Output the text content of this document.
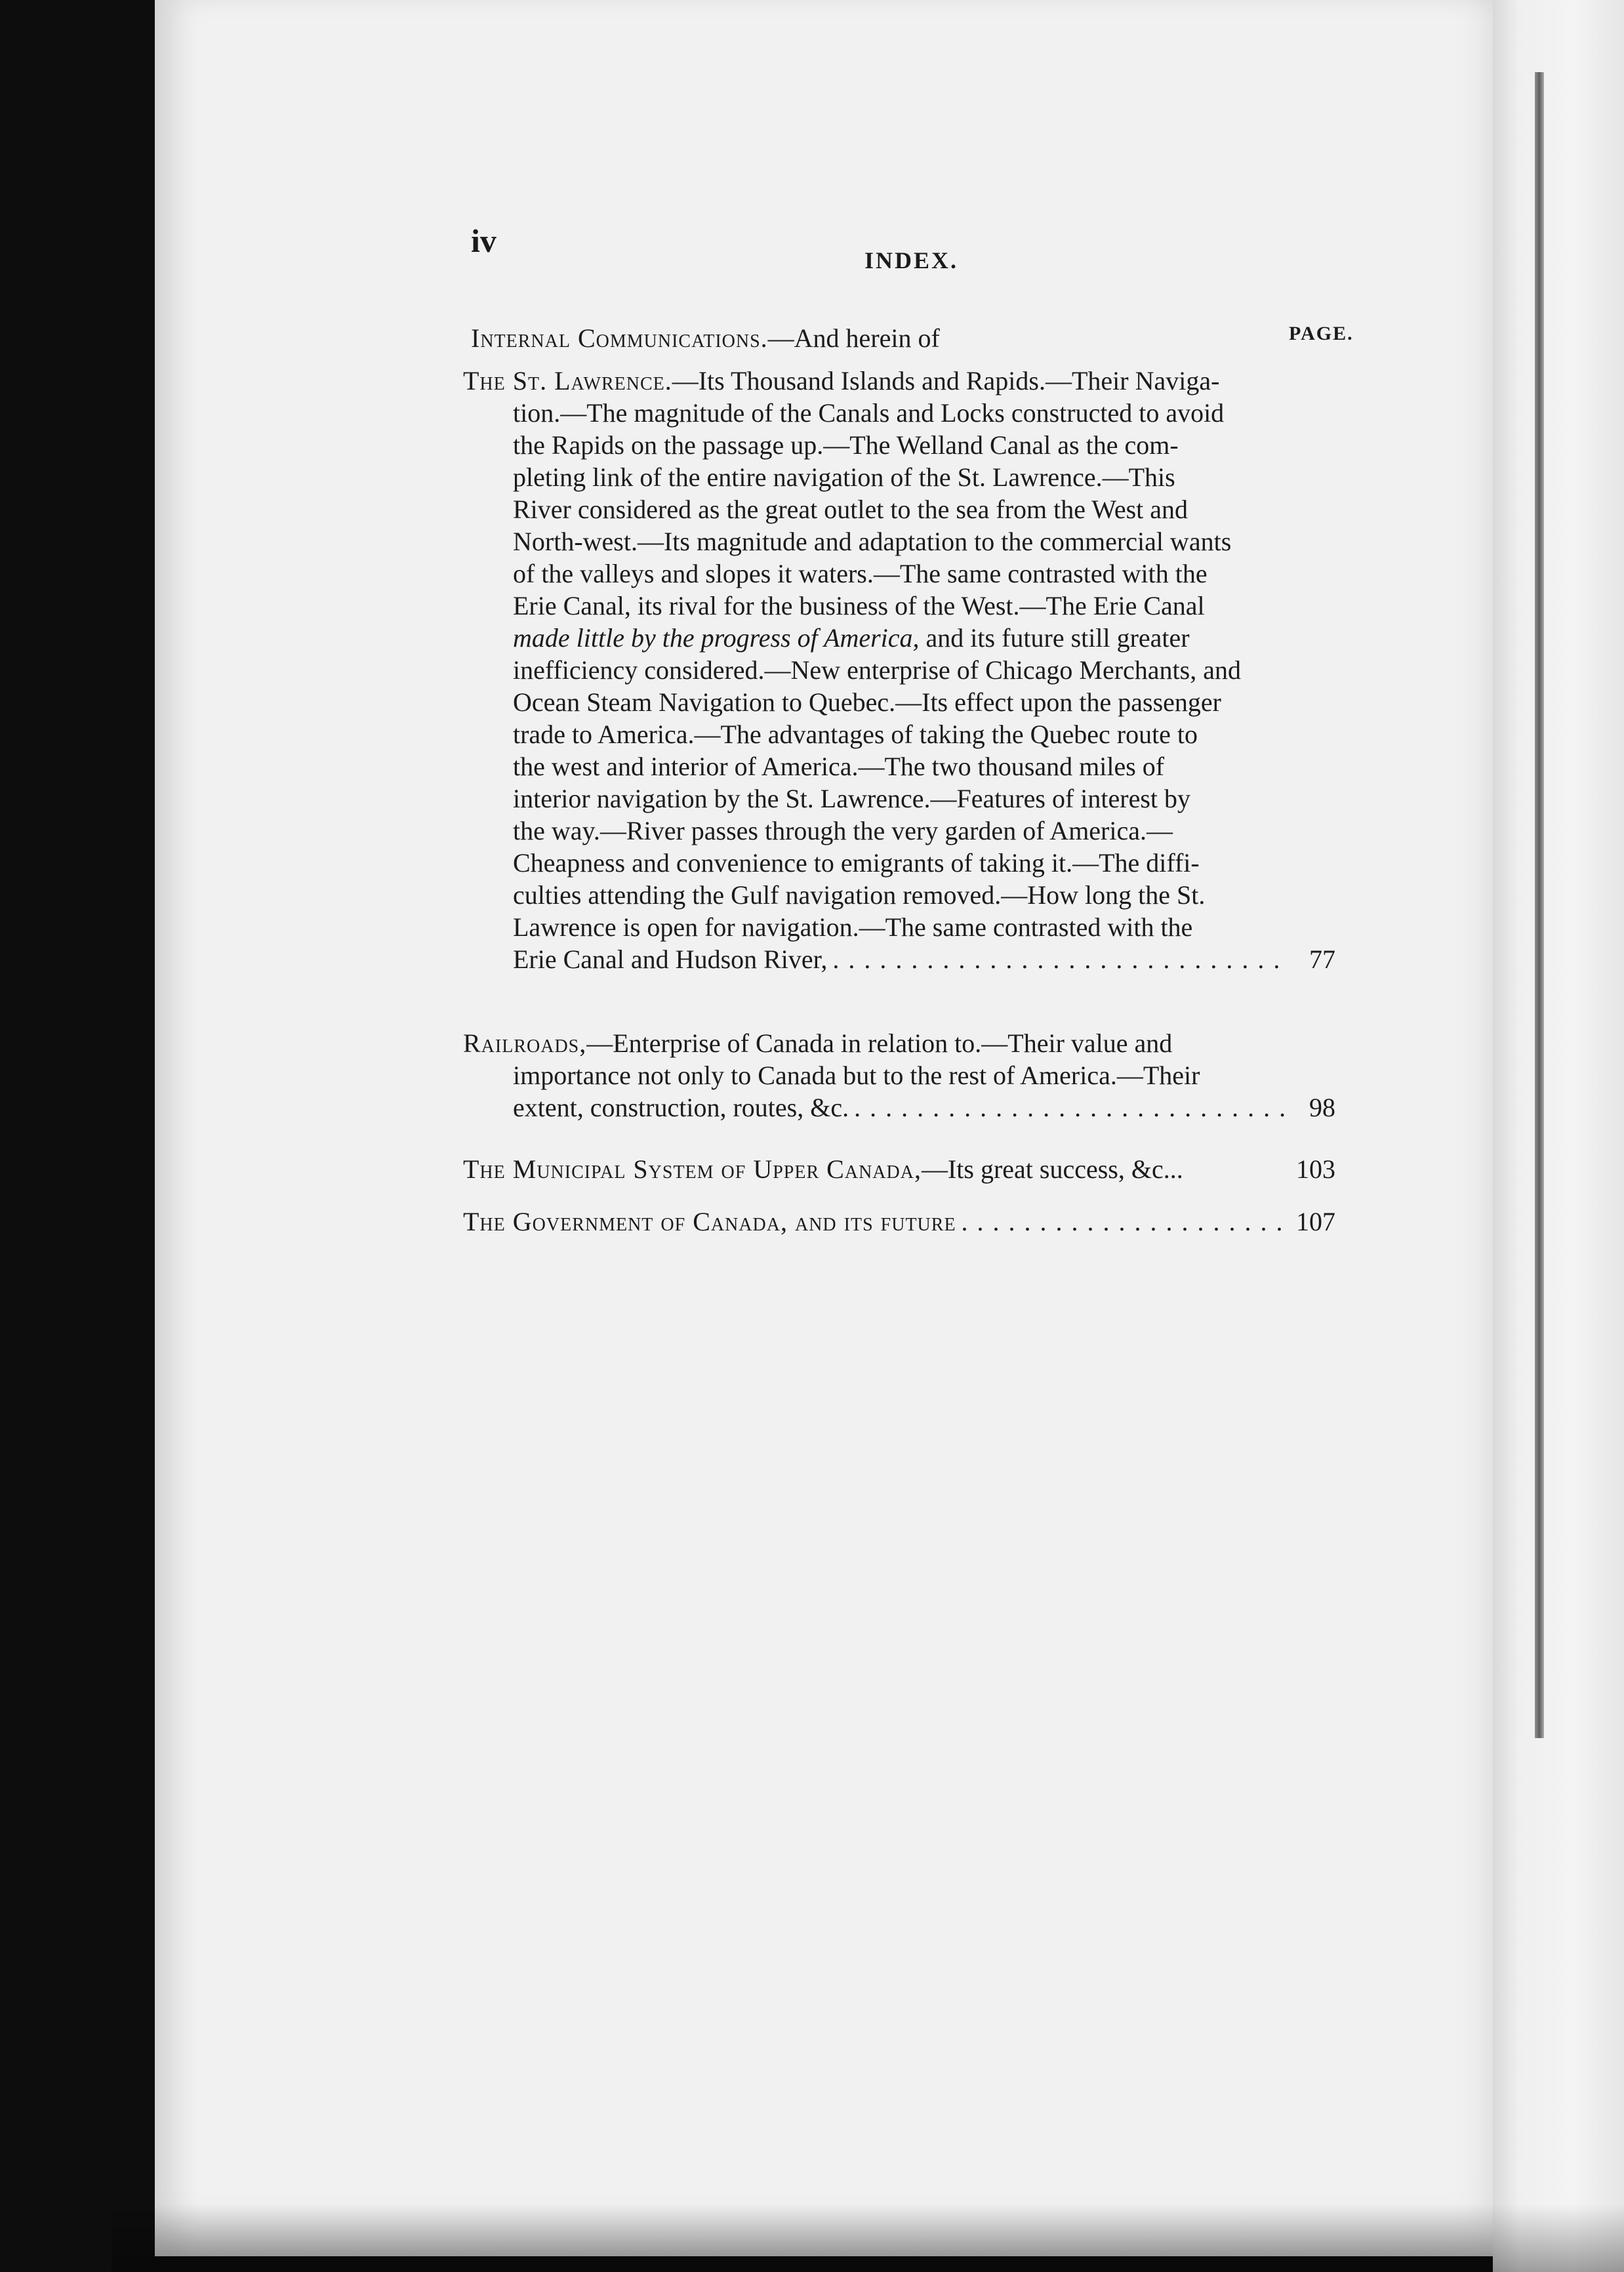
iv
INDEX.
PAGE.
Internal Communications.—And herein of
The St. Lawrence.—Its Thousand Islands and Rapids.—Their Naviga-
tion.—The magnitude of the Canals and Locks constructed to avoid
the Rapids on the passage up.—The Welland Canal as the com-
pleting link of the entire navigation of the St. Lawrence.—This
River considered as the great outlet to the sea from the West and
North-west.—Its magnitude and adaptation to the commercial wants
of the valleys and slopes it waters.—The same contrasted with the
Erie Canal, its rival for the business of the West.—The Erie Canal
made little by the progress of America, and its future still greater
inefficiency considered.—New enterprise of Chicago Merchants, and
Ocean Steam Navigation to Quebec.—Its effect upon the passenger
trade to America.—The advantages of taking the Quebec route to
the west and interior of America.—The two thousand miles of
interior navigation by the St. Lawrence.—Features of interest by
the way.—River passes through the very garden of America.—
Cheapness and convenience to emigrants of taking it.—The diffi-
culties attending the Gulf navigation removed.—How long the St.
Lawrence is open for navigation.—The same contrasted with the
Erie Canal and Hudson River, . . .	77
Railroads,—Enterprise of Canada in relation to.—Their value and
importance not only to Canada but to the rest of America.—Their
extent, construction, routes, &c. . . .	98
The Municipal System of Upper Canada,—Its great success, &c...	103
The Government of Canada, and its future . . .	107
